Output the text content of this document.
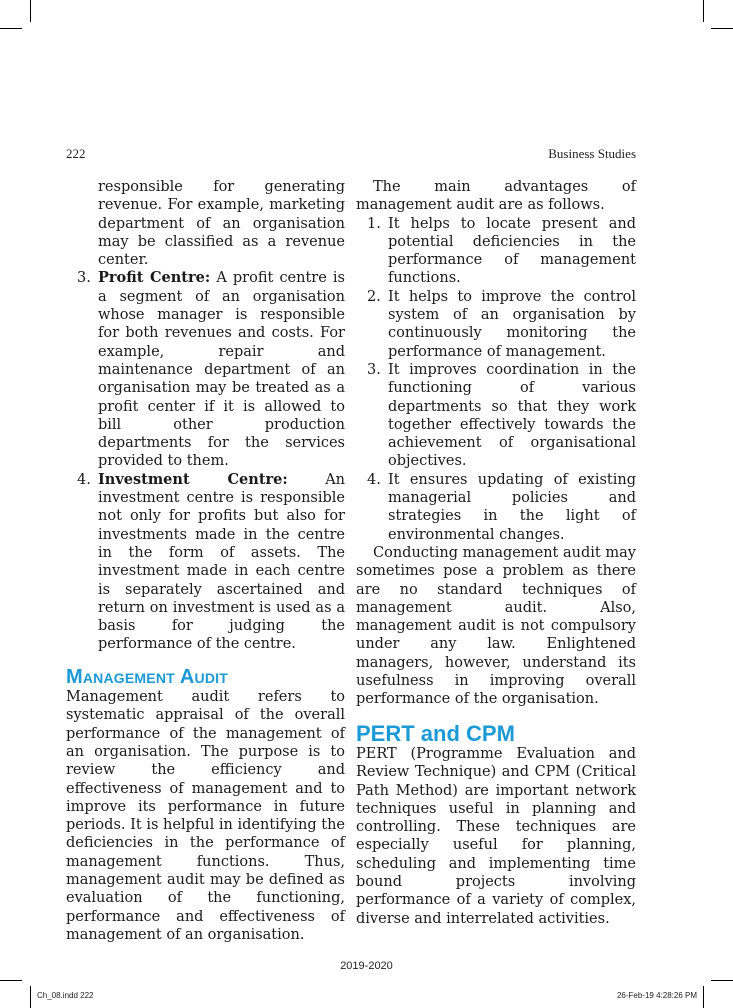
222	Business Studies

responsible for generating revenue. For example, marketing department of an organisation may be classified as a revenue center.

3. Profit Centre: A profit centre is a segment of an organisation whose manager is responsible for both revenues and costs. For example, repair and maintenance department of an organisation may be treated as a profit center if it is allowed to bill other production departments for the services provided to them.
4. Investment Centre:	An investment centre is responsible not only for profits but also for investments made in the centre in the form of assets. The investment made in each centre is separately ascertained and return on investment is used as a basis for judging the performance of the centre.
Management Audit

Management audit refers to systematic appraisal of the overall performance of the management of an organisation. The purpose is to review the efficiency and effectiveness of management and to improve its performance in future periods. It is helpful in identifying the deficiencies in the performance of management functions. Thus, management audit may be defined as evaluation of the functioning, performance and effectiveness of management of an organisation.

The main advantages of management audit are as follows.

1. It helps to locate present and potential deficiencies in the performance of management functions.
2. It helps to improve the control system of an organisation by continuously monitoring the performance of management.
3. It improves coordination in the functioning of various departments so that they work together effectively towards the achievement of organisational objectives.
4. It ensures updating of existing managerial policies and strategies in the light of environmental changes.

Conducting management audit may sometimes pose a problem as there are no standard techniques of management audit. Also, management audit is not compulsory under any law. Enlightened managers, however, understand its usefulness in improving overall performance of the organisation.

PERT and CPM

PERT (Programme Evaluation and Review Technique) and CPM (Critical Path Method) are important network techniques useful in planning and controlling. These techniques are especially useful for planning, scheduling and implementing time bound projects involving performance of a variety of complex, diverse and interrelated activities.

2019-2020
Ch_08.indd 222	26-Feb-19 4:28:26 PM
